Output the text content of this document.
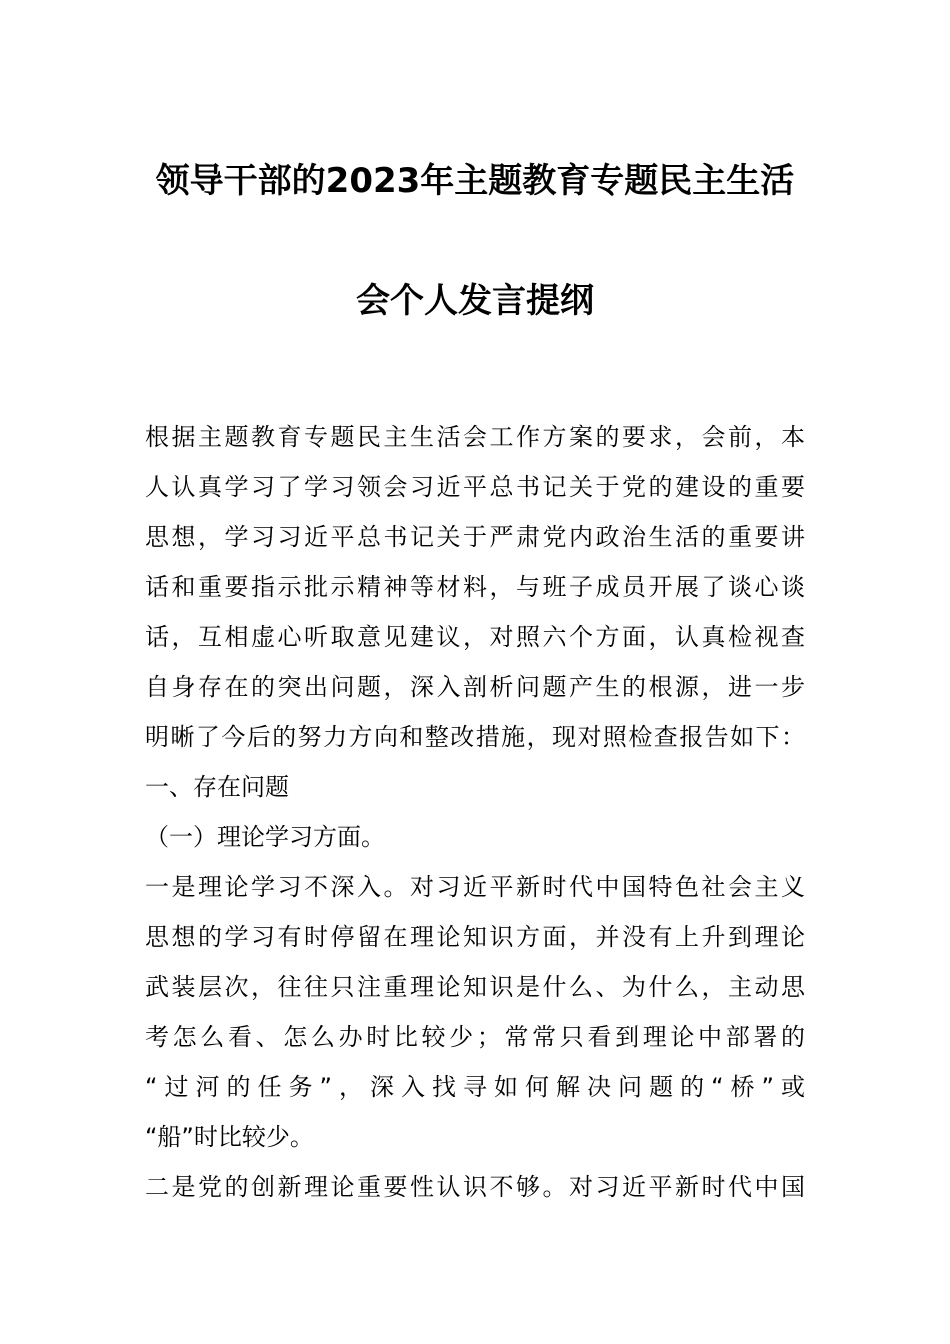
领导干部的2023年主题教育专题民主生活
会个人发言提纲
根据主题教育专题民主生活会工作方案的要求，会前，本
人认真学习了学习领会习近平总书记关于党的建设的重要
思想，学习习近平总书记关于严肃党内政治生活的重要讲
话和重要指示批示精神等材料，与班子成员开展了谈心谈
话，互相虚心听取意见建议，对照六个方面，认真检视查
自身存在的突出问题，深入剖析问题产生的根源，进一步
明晰了今后的努力方向和整改措施，现对照检查报告如下：
一、存在问题
（一）理论学习方面。
一是理论学习不深入。对习近平新时代中国特色社会主义
思想的学习有时停留在理论知识方面，并没有上升到理论
武装层次，往往只注重理论知识是什么、为什么，主动思
考怎么看、怎么办时比较少；常常只看到理论中部署的
“过河的任务”，深入找寻如何解决问题的“桥”或
“船”时比较少。
二是党的创新理论重要性认识不够。对习近平新时代中国
